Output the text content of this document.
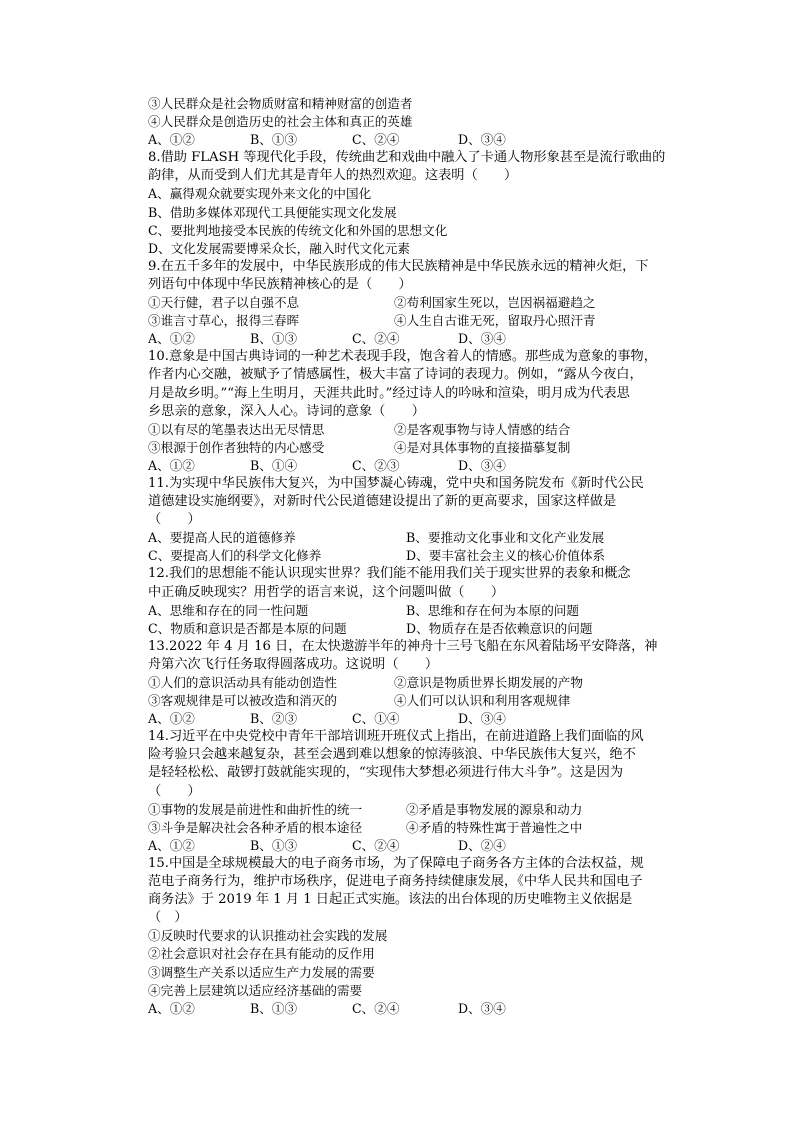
③人民群众是社会物质财富和精神财富的创造者
④人民群众是创造历史的社会主体和真正的英雄
A、①②	B、①③	C、②④	D、③④
8.借助 FLASH 等现代化手段，传统曲艺和戏曲中融入了卡通人物形象甚至是流行歌曲的
韵律，从而受到人们尤其是青年人的热烈欢迎。这表明（　　）
A、赢得观众就要实现外来文化的中国化
B、借助多媒体邓现代工具便能实现文化发展
C、要批判地接受本民族的传统文化和外国的思想文化
D、文化发展需要博采众长，融入时代文化元素
9.在五千多年的发展中，中华民族形成的伟大民族精神是中华民族永远的精神火炬，下
列语句中体现中华民族精神核心的是（　　）
①天行健，君子以自强不息	②苟利国家生死以，岂因祸福避趋之
③谁言寸草心，报得三春晖	④人生自古谁无死，留取丹心照汗青
A、①②	B、①③	C、②④	D、③④
10.意象是中国古典诗词的一种艺术表现手段，饱含着人的情感。那些成为意象的事物，
作者内心交融，被赋予了情感属性，极大丰富了诗词的表现力。例如，“露从今夜白，
月是故乡明。”“海上生明月，天涯共此时。”经过诗人的吟咏和渲染，明月成为代表思
乡思亲的意象，深入人心。诗词的意象（　　）
①以有尽的笔墨表达出无尽情思	②是客观事物与诗人情感的结合
③根源于创作者独特的内心感受	④是对具体事物的直接描摹复制
A、①②	B、①④	C、②③	D、③④
11.为实现中华民族伟大复兴，为中国梦凝心铸魂，党中央和国务院发布《新时代公民
道德建设实施纲要》，对新时代公民道德建设提出了新的更高要求，国家这样做是
（　　）
A、要提高人民的道德修养	B、要推动文化事业和文化产业发展
C、要提高人们的科学文化修养	D、要丰富社会主义的核心价值体系
12.我们的思想能不能认识现实世界？我们能不能用我们关于现实世界的表象和概念
中正确反映现实？用哲学的语言来说，这个问题叫做（　　）
A、思维和存在的同一性问题	B、思维和存在何为本原的问题
C、物质和意识是否都是本原的问题	D、物质存在是否依赖意识的问题
13.2022 年 4 月 16 日，在太快遨游半年的神舟十三号飞船在东风着陆场平安降落，神
舟第六次飞行任务取得圆落成功。这说明（　　）
①人们的意识活动具有能动创造性	②意识是物质世界长期发展的产物
③客观规律是可以被改造和消灭的	④人们可以认识和利用客观规律
A、①②	B、②③	C、①④	D、③④
14.习近平在中央党校中青年干部培训班开班仪式上指出，在前进道路上我们面临的风
险考验只会越来越复杂，甚至会遇到难以想象的惊涛骇浪、中华民族伟大复兴，绝不
是轻轻松松、敲锣打鼓就能实现的，“实现伟大梦想必须进行伟大斗争”。这是因为
（　　）
①事物的发展是前进性和曲折性的统一	②矛盾是事物发展的源泉和动力
③斗争是解决社会各种矛盾的根本途径	④矛盾的特殊性寓于普遍性之中
A、①②	B、①③	C、②④	D、②④
15.中国是全球规模最大的电子商务市场，为了保障电子商务各方主体的合法权益，规
范电子商务行为，维护市场秩序，促进电子商务持续健康发展，《中华人民共和国电子
商务法》于 2019 年 1 月 1 日起正式实施。该法的出台体现的历史唯物主义依据是
（　）
①反映时代要求的认识推动社会实践的发展
②社会意识对社会存在具有能动的反作用
③调整生产关系以适应生产力发展的需要
④完善上层建筑以适应经济基础的需要
A、①②	B、①③	C、②④	D、③④
